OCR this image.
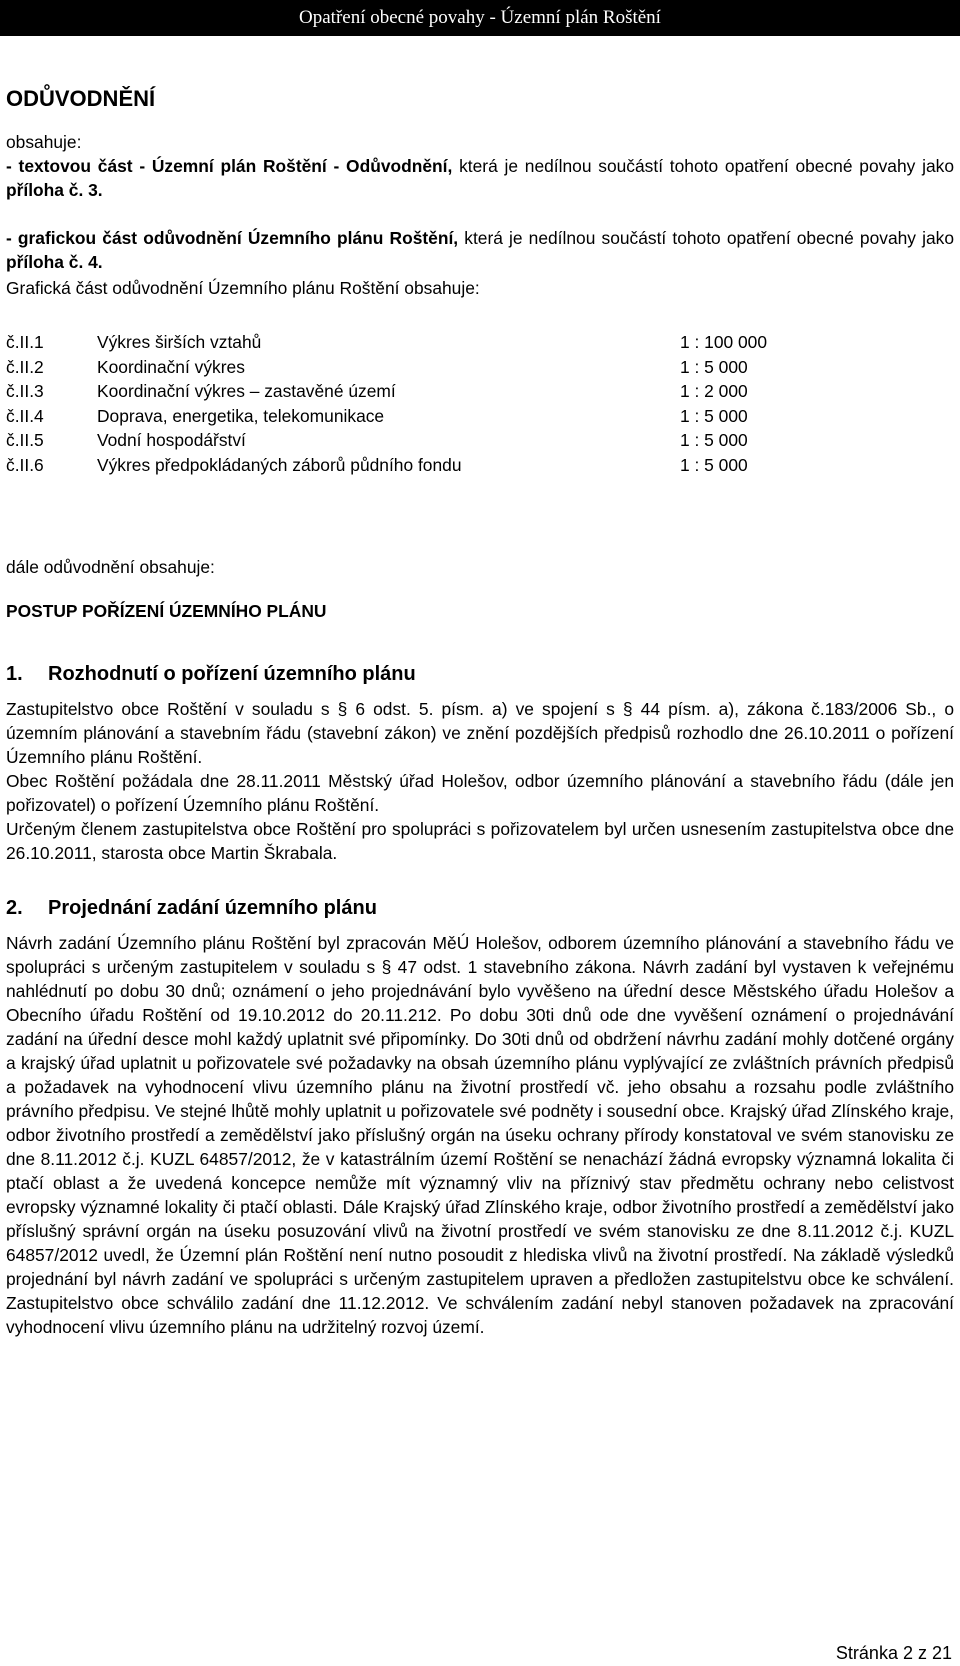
Opatření obecné povahy - Územní plán Roštění
ODŮVODNĚNÍ

obsahuje:

- textovou část - Územní plán Roštění - Odůvodnění, která je nedílnou součástí tohoto opatření obecné povahy jako příloha č. 3.

- grafickou část odůvodnění Územního plánu Roštění, která je nedílnou součástí tohoto opatření obecné povahy jako příloha č. 4.

Grafická část odůvodnění Územního plánu Roštění obsahuje:

č.II.1	Výkres širších vztahů	1 : 100 000
č.II.2	Koordinační výkres	1 : 5 000
č.II.3	Koordinační výkres – zastavěné území	1 : 2 000
č.II.4	Doprava, energetika, telekomunikace	1 : 5 000
č.II.5	Vodní hospodářství	1 : 5 000
č.II.6	Výkres předpokládaných záborů půdního fondu	1 : 5 000

dále odůvodnění obsahuje:

POSTUP POŘÍZENÍ ÚZEMNÍHO PLÁNU

1. Rozhodnutí o pořízení územního plánu

Zastupitelstvo obce Roštění v souladu s § 6 odst. 5. písm. a) ve spojení s § 44 písm. a), zákona č.183/2006 Sb., o územním plánování a stavebním řádu (stavební zákon) ve znění pozdějších předpisů rozhodlo dne 26.10.2011 o pořízení Územního plánu Roštění.

Obec Roštění požádala dne 28.11.2011 Městský úřad Holešov, odbor územního plánování a stavebního řádu (dále jen pořizovatel) o pořízení Územního plánu Roštění.

Určeným členem zastupitelstva obce Roštění pro spolupráci s pořizovatelem byl určen usnesením zastupitelstva obce dne 26.10.2011, starosta obce Martin Škrabala.

2. Projednání zadání územního plánu

Návrh zadání Územního plánu Roštění byl zpracován MěÚ Holešov, odborem územního plánování a stavebního řádu ve spolupráci s určeným zastupitelem v souladu s § 47 odst. 1 stavebního zákona. Návrh zadání byl vystaven k veřejnému nahlédnutí po dobu 30 dnů; oznámení o jeho projednávání bylo vyvěšeno na úřední desce Městského úřadu Holešov a Obecního úřadu Roštění od 19.10.2012 do 20.11.212. Po dobu 30ti dnů ode dne vyvěšení oznámení o projednávání zadání na úřední desce mohl každý uplatnit své připomínky. Do 30ti dnů od obdržení návrhu zadání mohly dotčené orgány a krajský úřad uplatnit u pořizovatele své požadavky na obsah územního plánu vyplývající ze zvláštních právních předpisů a požadavek na vyhodnocení vlivu územního plánu na životní prostředí vč. jeho obsahu a rozsahu podle zvláštního právního předpisu. Ve stejné lhůtě mohly uplatnit u pořizovatele své podněty i sousední obce. Krajský úřad Zlínského kraje, odbor životního prostředí a zemědělství jako příslušný orgán na úseku ochrany přírody konstatoval ve svém stanovisku ze dne 8.11.2012 č.j. KUZL 64857/2012, že v katastrálním území Roštění se nenachází žádná evropsky významná lokalita či ptačí oblast a že uvedená koncepce nemůže mít významný vliv na příznivý stav předmětu ochrany nebo celistvost evropsky významné lokality či ptačí oblasti. Dále Krajský úřad Zlínského kraje, odbor životního prostředí a zemědělství jako příslušný správní orgán na úseku posuzování vlivů na životní prostředí ve svém stanovisku ze dne 8.11.2012 č.j. KUZL 64857/2012 uvedl, že Územní plán Roštění není nutno posoudit z hlediska vlivů na životní prostředí. Na základě výsledků projednání byl návrh zadání ve spolupráci s určeným zastupitelem upraven a předložen zastupitelstvu obce ke schválení. Zastupitelstvo obce schválilo zadání dne 11.12.2012. Ve schválením zadání nebyl stanoven požadavek na zpracování vyhodnocení vlivu územního plánu na udržitelný rozvoj území.

Stránka 2 z 21
